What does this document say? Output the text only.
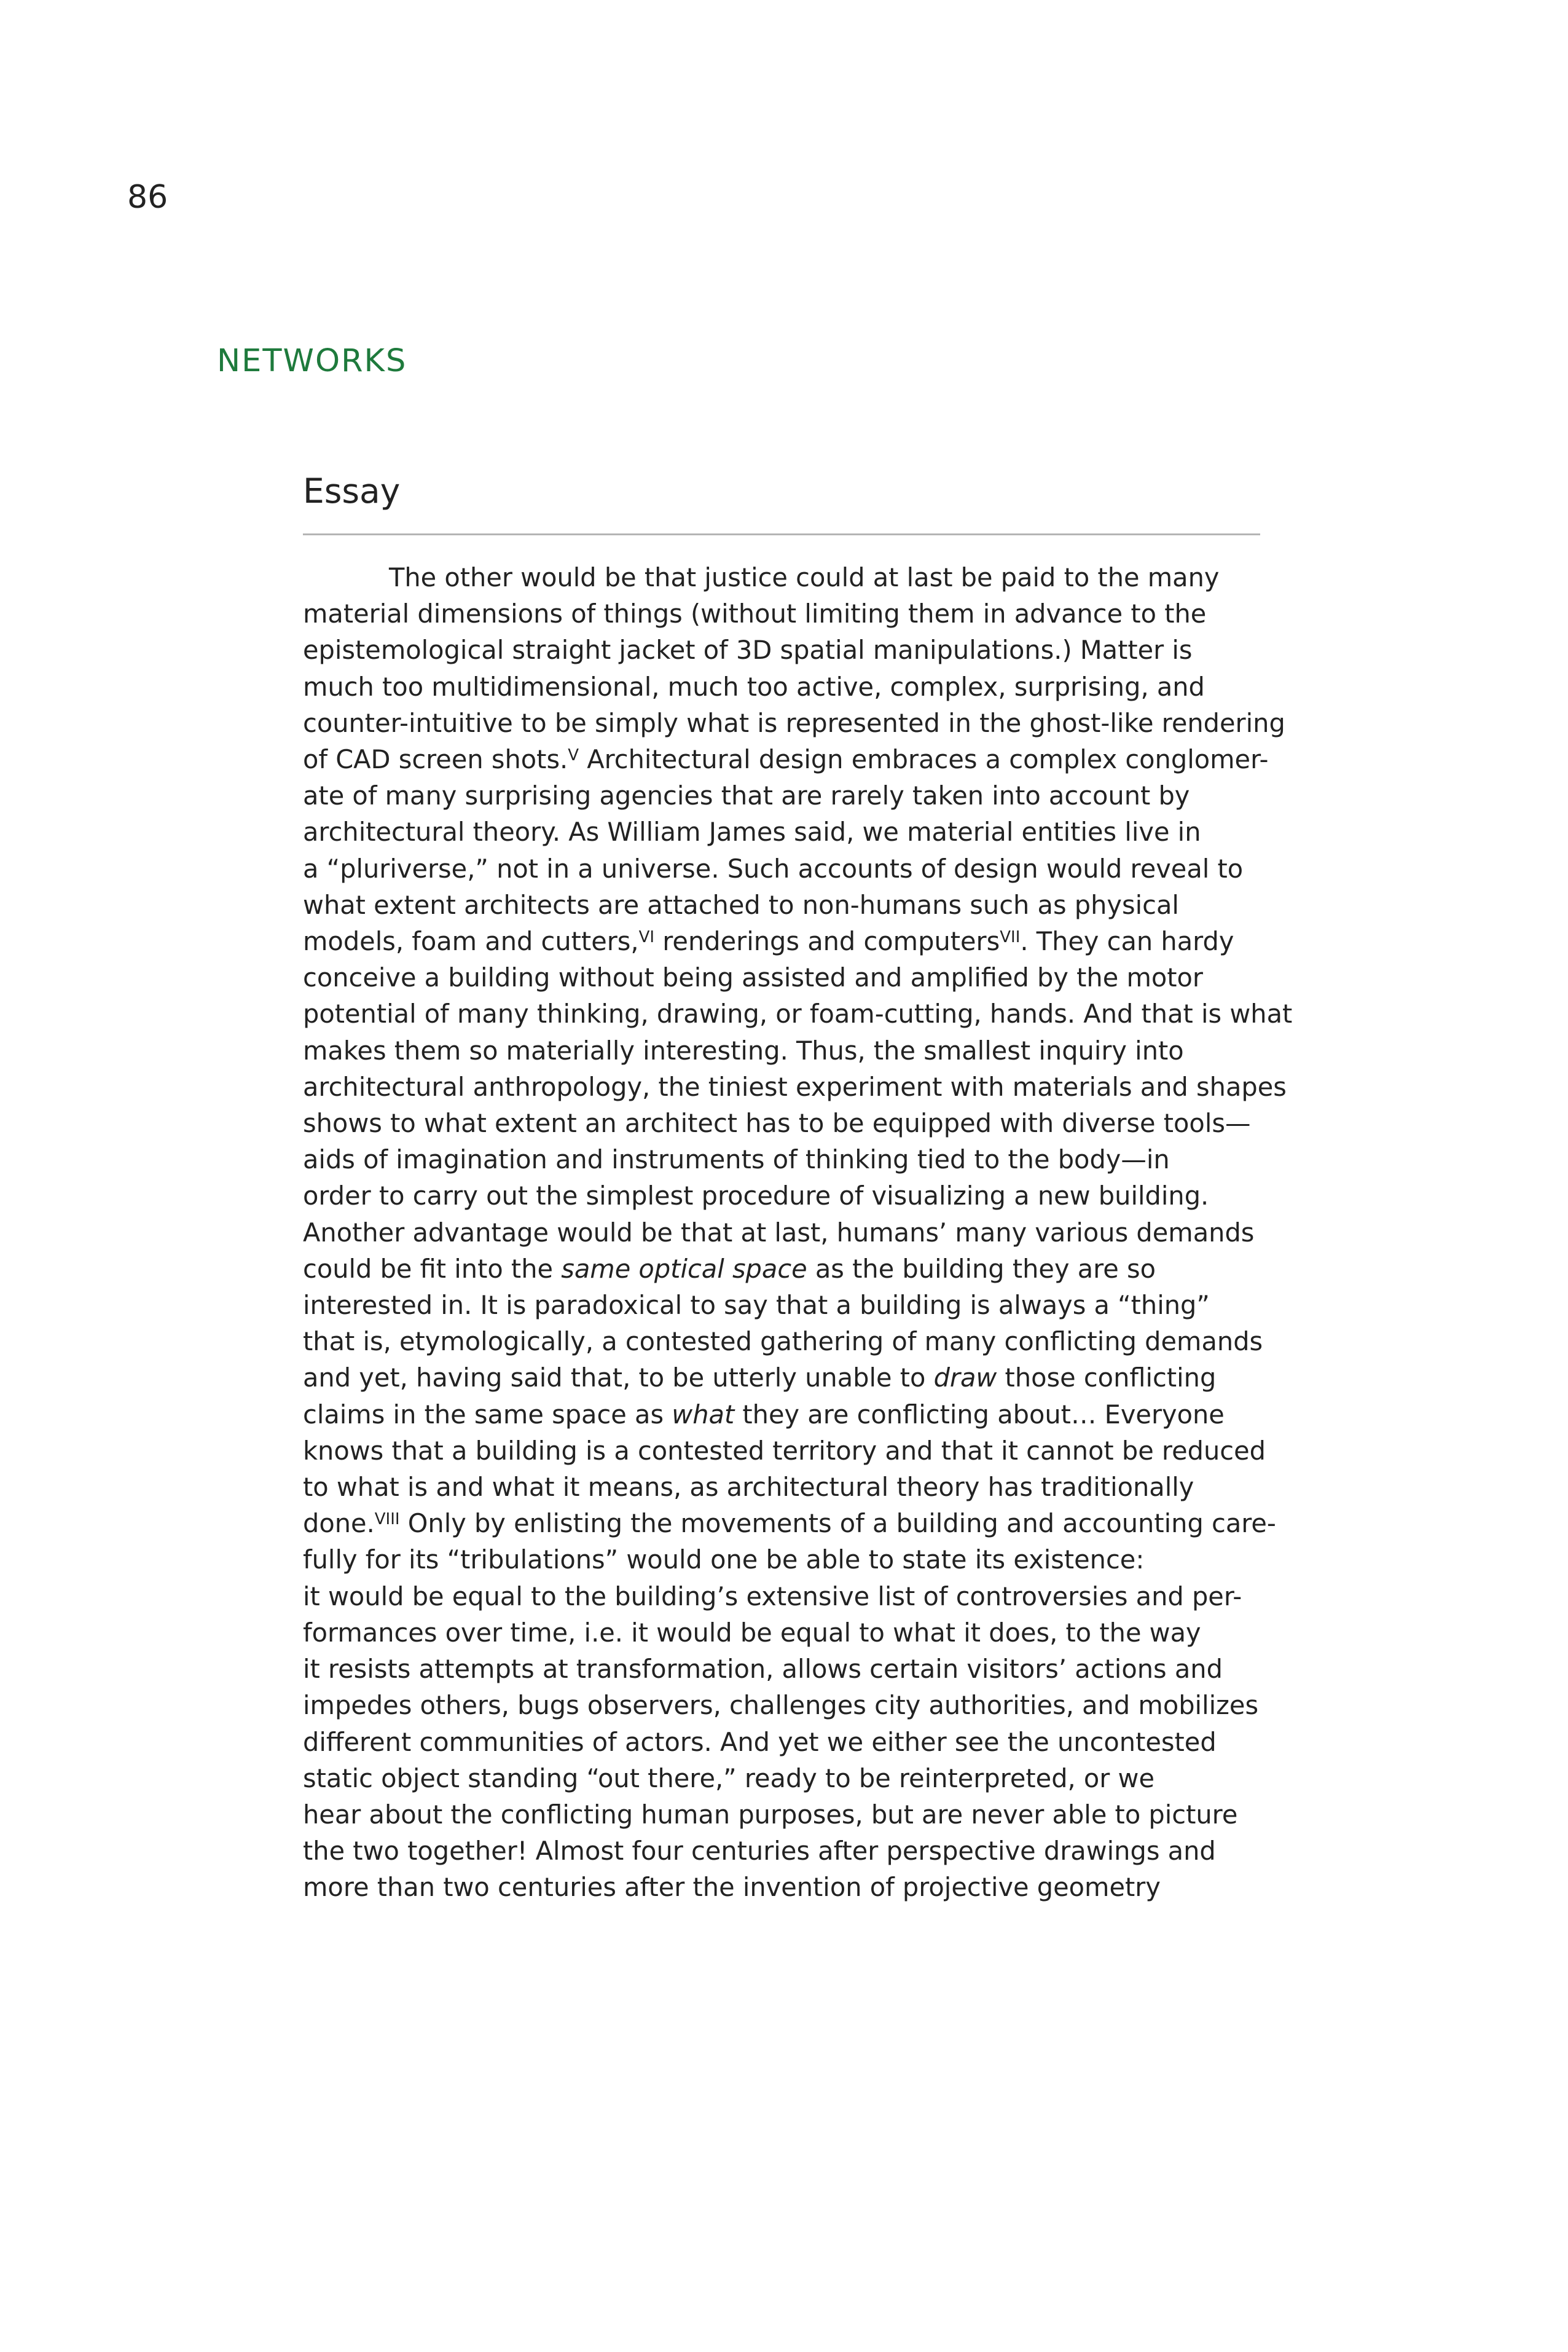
86
NETWORKS
Essay
The other would be that justice could at last be paid to the many
material dimensions of things (without limiting them in advance to the
epistemological straight jacket of 3D spatial manipulations.) Matter is
much too multidimensional, much too active, complex, surprising, and
counter-intuitive to be simply what is represented in the ghost-like rendering
of CAD screen shots.$^V$ Architectural design embraces a complex conglomer-
ate of many surprising agencies that are rarely taken into account by
architectural theory. As William James said, we material entities live in
a “pluriverse,” not in a universe. Such accounts of design would reveal to
what extent architects are attached to non-humans such as physical
models, foam and cutters,$^{VI}$ renderings and computers$^{VII}$. They can hardy
conceive a building without being assisted and amplified by the motor
potential of many thinking, drawing, or foam-cutting, hands. And that is what
makes them so materially interesting. Thus, the smallest inquiry into
architectural anthropology, the tiniest experiment with materials and shapes
shows to what extent an architect has to be equipped with diverse tools—
aids of imagination and instruments of thinking tied to the body—in
order to carry out the simplest procedure of visualizing a new building.
Another advantage would be that at last, humans’ many various demands
could be fit into the same optical space as the building they are so
interested in. It is paradoxical to say that a building is always a “thing”
that is, etymologically, a contested gathering of many conflicting demands
and yet, having said that, to be utterly unable to draw those conflicting
claims in the same space as what they are conflicting about… Everyone
knows that a building is a contested territory and that it cannot be reduced
to what is and what it means, as architectural theory has traditionally
done.$^{VIII}$ Only by enlisting the movements of a building and accounting care-
fully for its “tribulations” would one be able to state its existence:
it would be equal to the building’s extensive list of controversies and per-
formances over time, i.e. it would be equal to what it does, to the way
it resists attempts at transformation, allows certain visitors’ actions and
impedes others, bugs observers, challenges city authorities, and mobilizes
different communities of actors. And yet we either see the uncontested
static object standing “out there,” ready to be reinterpreted, or we
hear about the conflicting human purposes, but are never able to picture
the two together! Almost four centuries after perspective drawings and
more than two centuries after the invention of projective geometry
